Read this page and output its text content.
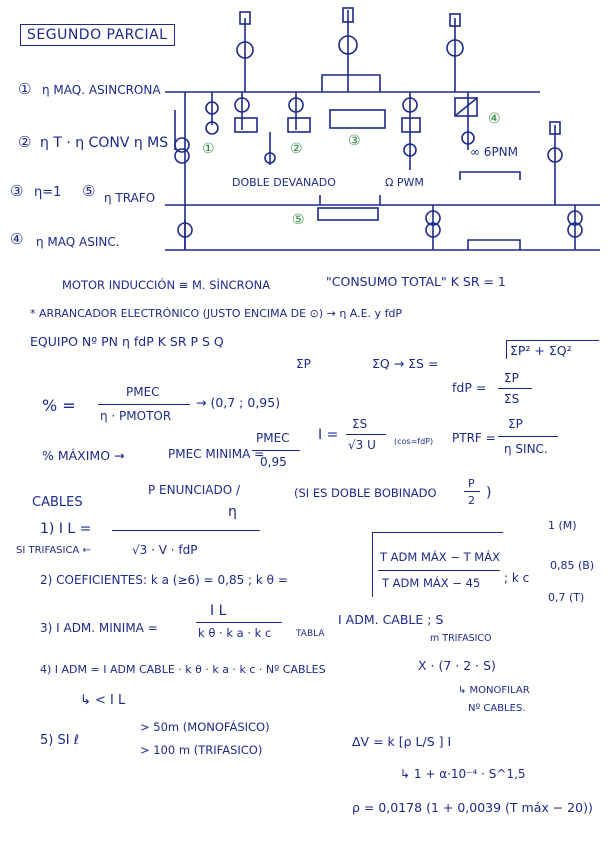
SEGUNDO PARCIAL
① η MAQ. ASINCRONA
② η T · η CONV η MS
③ η=1 ⑤ η TRAFO
④ η MAQ ASINC.
①	②	③
④
⑤
DOBLE DEVANADO	Ω PWM
∞ 6PNM
MOTOR INDUCCIÓN ≡ M. SÍNCRONA	"CONSUMO TOTAL" K SR = 1
* ARRANCADOR ELECTRÓNICO (JUSTO ENCIMA DE ⊙) → η A.E. y fdP
EQUIPO Nº PN η fdP K SR P S Q
ΣP	ΣQ → ΣS =
ΣP² + ΣQ²
% =
PMEC
η · PMOTOR
→ (0,7 ; 0,95)
fdP =
ΣP
ΣS
% MÁXIMO →	PMEC MINIMA =
PMEC
0,95
I =
ΣS
√3 U (cos=fdP) PTRF =
ΣP
η SINC.
CABLES
P ENUNCIADO /
η
(SI ES DOBLE BOBINADO
P
2 )
1) I L =
SI TRIFASICA ←	√3 · V · fdP
2) COEFICIENTES: k a (≥6) = 0,85 ; k θ =
T ADM MÁX − T MÁX
T ADM MÁX − 45 ; k c
1 (M)
0,85 (B)
0,7 (T)
3) I ADM. MINIMA =
I L
k θ · k a · k c	TABLA
I ADM. CABLE ; S
m TRIFASICO
4) I ADM = I ADM CABLE · k θ · k a · k c · Nº CABLES	X · (7 · 2 · S)
↳ MONOFILAR
Nº CABLES.
↳ < I L
5) SI ℓ
> 50m (MONOFÁSICO)
> 100 m (TRIFASICO)
ΔV = k [ρ L/S ] I
↳ 1 + α·10⁻⁴ · S^1,5
ρ = 0,0178 (1 + 0,0039 (T máx − 20))
